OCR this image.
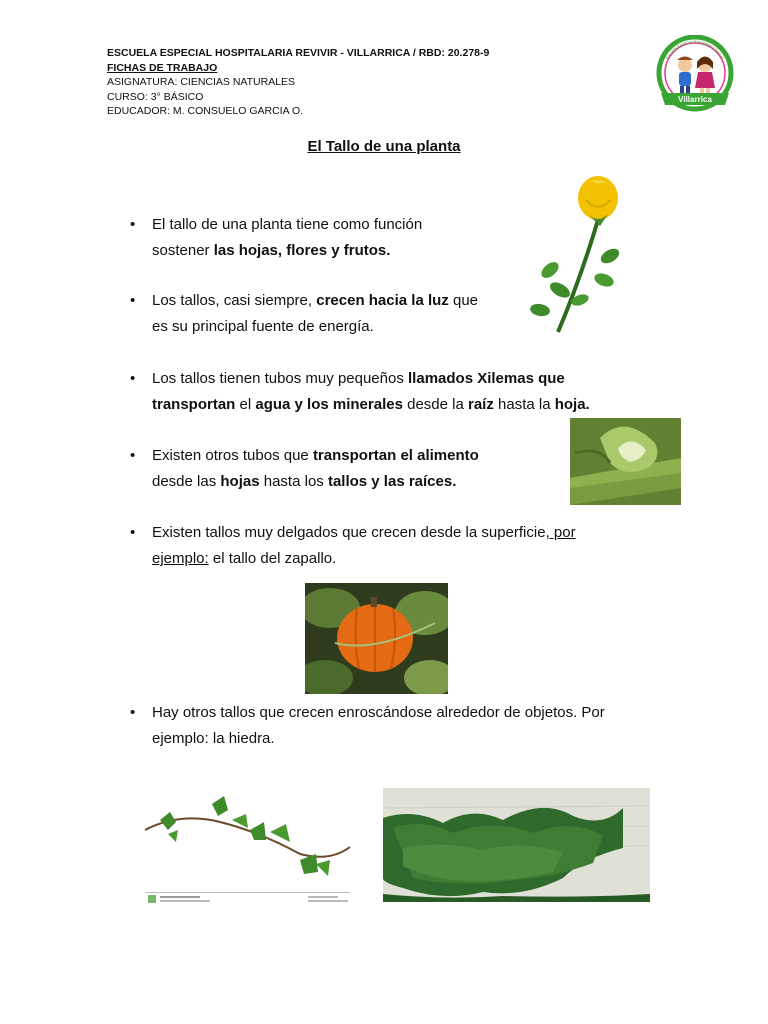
ESCUELA ESPECIAL HOSPITALARIA REVIVIR - VILLARRICA / RBD: 20.278-9
FICHAS DE TRABAJO
ASIGNATURA: CIENCIAS NATURALES
CURSO: 3° BÁSICO
EDUCADOR: M. CONSUELO GARCIA O.
Villarrica
Escuela Especial Hospitalaria Revivir
El Tallo de una planta
• El tallo de una planta tiene como función
sostener las hojas, flores y frutos.
• Los tallos, casi siempre, crecen hacia la luz que
es su principal fuente de energía.
• Los tallos tienen tubos muy pequeños llamados Xilemas que
transportan el agua y los minerales desde la raíz hasta la hoja.
• Existen otros tubos que transportan el alimento
desde las hojas hasta los tallos y las raíces.
• Existen tallos muy delgados que crecen desde la superficie, por
ejemplo: el tallo del zapallo.
• Hay otros tallos que crecen enroscándose alrededor de objetos. Por
ejemplo: la hiedra.
